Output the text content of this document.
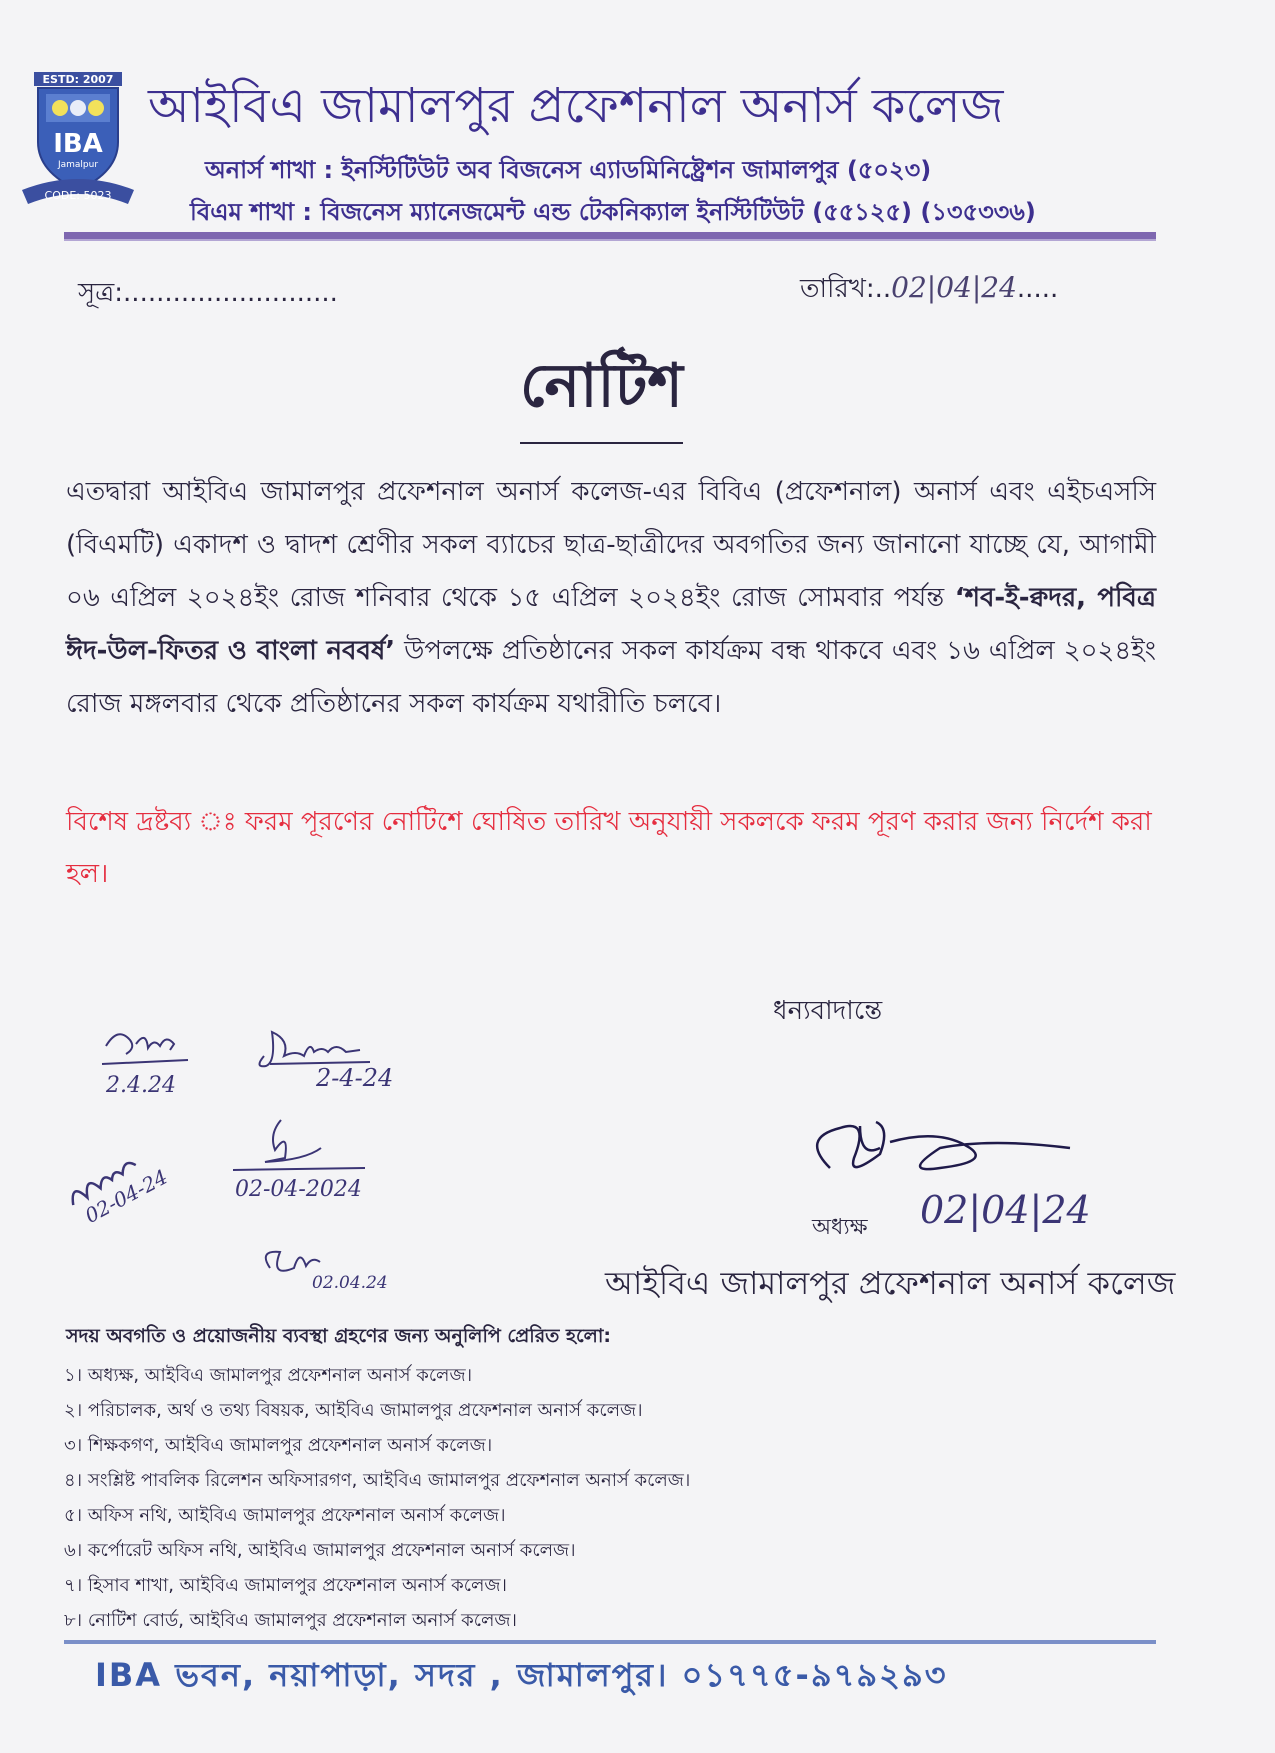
ESTD: 2007
IBA
Jamalpur
CODE: 5023
আইবিএ জামালপুর প্রফেশনাল অনার্স কলেজ
অনার্স শাখা : ইনস্টিটিউট অব বিজনেস এ্যাডমিনিষ্ট্রেশন জামালপুর (৫০২৩)
বিএম শাখা : বিজনেস ম্যানেজমেন্ট এন্ড টেকনিক্যাল ইনস্টিটিউট (৫৫১২৫) (১৩৫৩৩৬)
সূত্র:..........................	তারিখ:..02|04|24.....
নোটিশ
এতদ্বারা আইবিএ জামালপুর প্রফেশনাল অনার্স কলেজ-এর বিবিএ (প্রফেশনাল) অনার্স এবং এইচএসসি (বিএমটি) একাদশ ও দ্বাদশ শ্রেণীর সকল ব্যাচের ছাত্র-ছাত্রীদের অবগতির জন্য জানানো যাচ্ছে যে, আগামী ০৬ এপ্রিল ২০২৪ইং রোজ শনিবার থেকে ১৫ এপ্রিল ২০২৪ইং রোজ সোমবার পর্যন্ত ‘শব-ই-ক্বদর, পবিত্র ঈদ-উল-ফিতর ও বাংলা নববর্ষ’ উপলক্ষে প্রতিষ্ঠানের সকল কার্যক্রম বন্ধ থাকবে এবং ১৬ এপ্রিল ২০২৪ইং রোজ মঙ্গলবার থেকে প্রতিষ্ঠানের সকল কার্যক্রম যথারীতি চলবে।
বিশেষ দ্রষ্টব্য ঃ ফরম পূরণের নোটিশে ঘোষিত তারিখ অনুযায়ী সকলকে ফরম পূরণ করার জন্য নির্দেশ করা হল।
ধন্যবাদান্তে
2.4.24	2-4-24
02-04-24	02-04-2024
02.04.24
অধ্যক্ষ 02|04|24
আইবিএ জামালপুর প্রফেশনাল অনার্স কলেজ
সদয় অবগতি ও প্রয়োজনীয় ব্যবস্থা গ্রহণের জন্য অনুলিপি প্রেরিত হলো:
১। অধ্যক্ষ, আইবিএ জামালপুর প্রফেশনাল অনার্স কলেজ।
২। পরিচালক, অর্থ ও তথ্য বিষয়ক, আইবিএ জামালপুর প্রফেশনাল অনার্স কলেজ।
৩। শিক্ষকগণ, আইবিএ জামালপুর প্রফেশনাল অনার্স কলেজ।
৪। সংশ্লিষ্ট পাবলিক রিলেশন অফিসারগণ, আইবিএ জামালপুর প্রফেশনাল অনার্স কলেজ।
৫। অফিস নথি, আইবিএ জামালপুর প্রফেশনাল অনার্স কলেজ।
৬। কর্পোরেট অফিস নথি, আইবিএ জামালপুর প্রফেশনাল অনার্স কলেজ।
৭। হিসাব শাখা, আইবিএ জামালপুর প্রফেশনাল অনার্স কলেজ।
৮। নোটিশ বোর্ড, আইবিএ জামালপুর প্রফেশনাল অনার্স কলেজ।
IBA ভবন, নয়াপাড়া, সদর , জামালপুর। ০১৭৭৫-৯৭৯২৯৩
